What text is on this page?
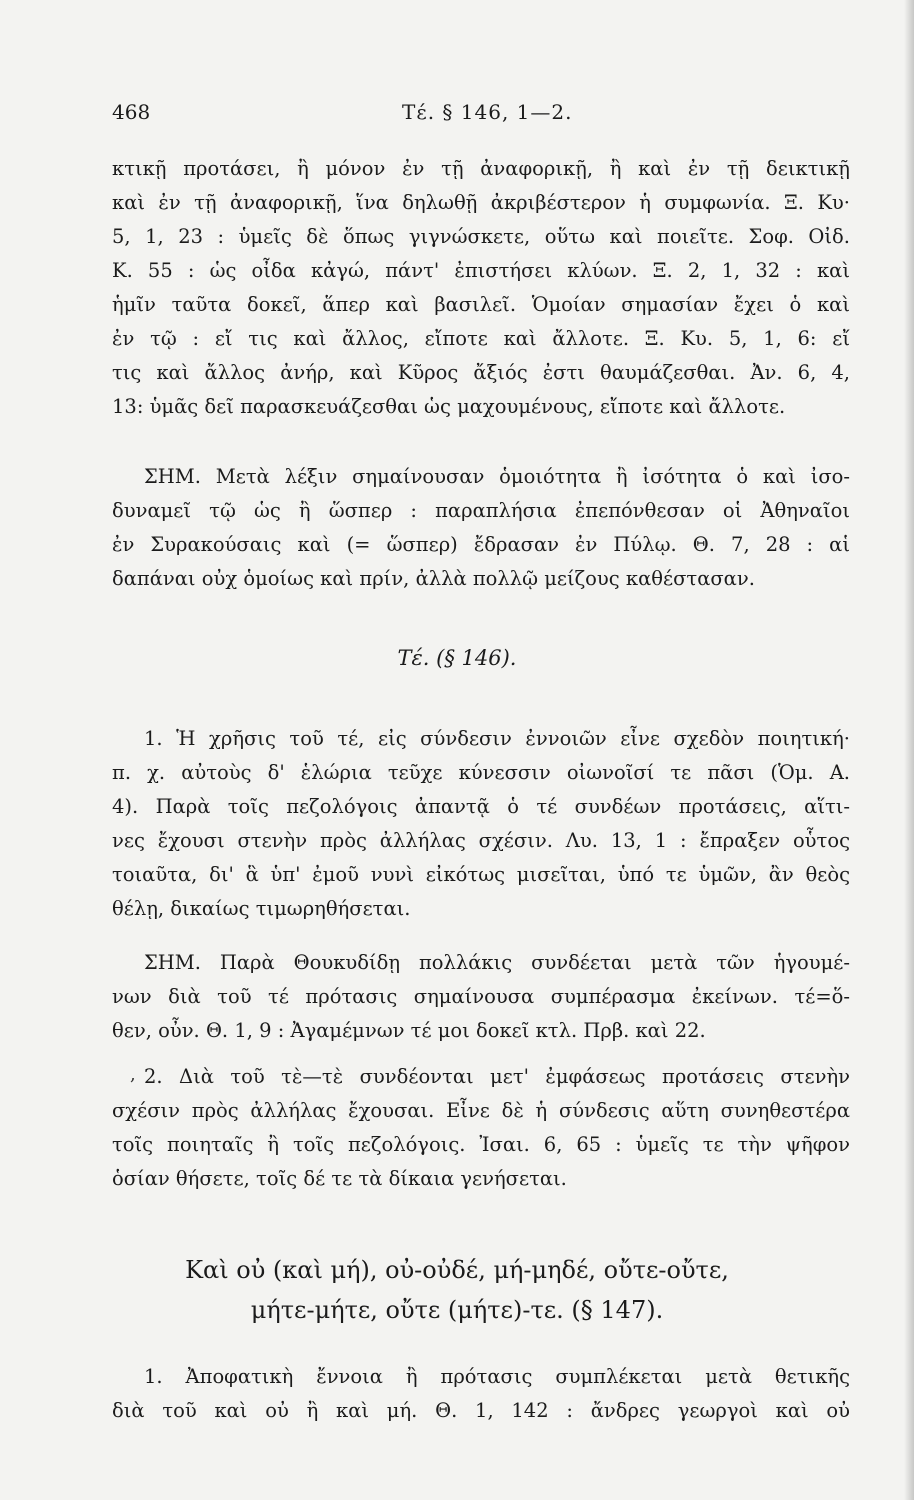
468	Τέ. § 146, 1—2.
κτικῇ προτάσει, ἢ μόνον ἐν τῇ ἀναφορικῇ, ἢ καὶ ἐν τῇ δεικτικῇ
καὶ ἐν τῇ ἀναφορικῇ, ἵνα δηλωθῇ ἀκριβέστερον ἡ συμφωνία. Ξ. Κυ·
5, 1, 23 : ὑμεῖς δὲ ὅπως γιγνώσκετε, οὕτω καὶ ποιεῖτε. Σοφ. Οἰδ.
Κ. 55 : ὡς οἶδα κἀγώ, πάντ' ἐπιστήσει κλύων. Ξ. 2, 1, 32 : καὶ
ἡμῖν ταῦτα δοκεῖ, ἅπερ καὶ βασιλεῖ. Ὁμοίαν σημασίαν ἔχει ὁ καὶ
ἐν τῷ : εἴ τις καὶ ἄλλος, εἴποτε καὶ ἄλλοτε. Ξ. Κυ. 5, 1, 6: εἴ
τις καὶ ἄλλος ἀνήρ, καὶ Κῦρος ἄξιός ἐστι θαυμάζεσθαι. Ἀν. 6, 4,
13: ὑμᾶς δεῖ παρασκευάζεσθαι ὡς μαχουμένους, εἴποτε καὶ ἄλλοτε.
ΣΗΜ. Μετὰ λέξιν σημαίνουσαν ὁμοιότητα ἢ ἰσότητα ὁ καὶ ἰσο-
δυναμεῖ τῷ ὡς ἢ ὥσπερ : παραπλήσια ἐπεπόνθεσαν οἱ Ἀθηναῖοι
ἐν Συρακούσαις καὶ (= ὥσπερ) ἔδρασαν ἐν Πύλῳ. Θ. 7, 28 : αἱ
δαπάναι οὐχ ὁμοίως καὶ πρίν, ἀλλὰ πολλῷ μείζους καθέστασαν.
Τέ. (§ 146).
1. Ἡ χρῆσις τοῦ τέ, εἰς σύνδεσιν ἐννοιῶν εἶνε σχεδὸν ποιητική·
π. χ. αὐτοὺς δ' ἑλώρια τεῦχε κύνεσσιν οἰωνοῖσί τε πᾶσι (Ὁμ. Α.
4). Παρὰ τοῖς πεζολόγοις ἀπαντᾷ ὁ τέ συνδέων προτάσεις, αἵτι-
νες ἔχουσι στενὴν πρὸς ἀλλήλας σχέσιν. Λυ. 13, 1 : ἔπραξεν οὗτος
τοιαῦτα, δι' ἃ ὑπ' ἐμοῦ νυνὶ εἰκότως μισεῖται, ὑπό τε ὑμῶν, ἂν θεὸς
θέλῃ, δικαίως τιμωρηθήσεται.
ΣΗΜ. Παρὰ Θουκυδίδῃ πολλάκις συνδέεται μετὰ τῶν ἡγουμέ-
νων διὰ τοῦ τέ πρότασις σημαίνουσα συμπέρασμα ἐκείνων. τέ=ὅ-
θεν, οὖν. Θ. 1, 9 : Ἀγαμέμνων τέ μοι δοκεῖ κτλ. Πρβ. καὶ 22.
, 2. Διὰ τοῦ τὲ—τὲ συνδέονται μετ' ἐμφάσεως προτάσεις στενὴν
σχέσιν πρὸς ἀλλήλας ἔχουσαι. Εἶνε δὲ ἡ σύνδεσις αὕτη συνηθεστέρα
τοῖς ποιηταῖς ἢ τοῖς πεζολόγοις. Ἰσαι. 6, 65 : ὑμεῖς τε τὴν ψῆφον
ὁσίαν θήσετε, τοῖς δέ τε τὰ δίκαια γενήσεται.
Καὶ οὐ (καὶ μή), οὐ-οὐδέ, μή-μηδέ, οὔτε-οὔτε,
μήτε-μήτε, οὔτε (μήτε)-τε. (§ 147).
1. Ἀποφατικὴ ἔννοια ἢ πρότασις συμπλέκεται μετὰ θετικῆς
διὰ τοῦ καὶ οὐ ἢ καὶ μή. Θ. 1, 142 : ἄνδρες γεωργοὶ καὶ οὐ
